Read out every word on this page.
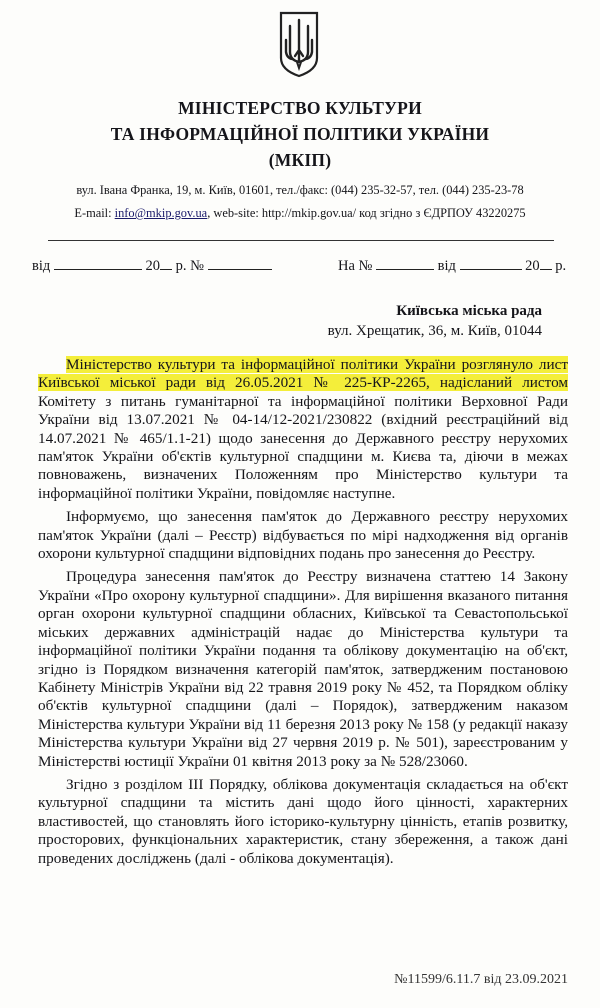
МІНІСТЕРСТВО КУЛЬТУРИ
ТА ІНФОРМАЦІЙНОЇ ПОЛІТИКИ УКРАЇНИ
(МКІП)
вул. Івана Франка, 19, м. Київ, 01601, тел./факс: (044) 235-32-57, тел. (044) 235-23-78
E-mail: info@mkip.gov.ua, web-site: http://mkip.gov.ua/ код згідно з ЄДРПОУ 43220275
від	20 р. №	На №	від	20 р.
Київська міська рада
вул. Хрещатик, 36, м. Київ, 01044

Міністерство культури та інформаційної політики України розглянуло лист Київської міської ради від 26.05.2021 № 225-КР-2265, надісланий листом Комітету з питань гуманітарної та інформаційної політики Верховної Ради України від 13.07.2021 № 04-14/12-2021/230822 (вхідний реєстраційний від 14.07.2021 № 465/1.1-21) щодо занесення до Державного реєстру нерухомих пам'яток України об'єктів культурної спадщини м. Києва та, діючи в межах повноважень, визначених Положенням про Міністерство культури та інформаційної політики України, повідомляє наступне.

Інформуємо, що занесення пам'яток до Державного реєстру нерухомих пам'яток України (далі – Реєстр) відбувається по мірі надходження від органів охорони культурної спадщини відповідних подань про занесення до Реєстру.

Процедура занесення пам'яток до Реєстру визначена статтею 14 Закону України «Про охорону культурної спадщини». Для вирішення вказаного питання орган охорони культурної спадщини обласних, Київської та Севастопольської міських державних адміністрацій надає до Міністерства культури та інформаційної політики України подання та облікову документацію на об'єкт, згідно із Порядком визначення категорій пам'яток, затвердженим постановою Кабінету Міністрів України від 22 травня 2019 року № 452, та Порядком обліку об'єктів культурної спадщини (далі – Порядок), затвердженим наказом Міністерства культури України від 11 березня 2013 року № 158 (у редакції наказу Міністерства культури України від 27 червня 2019 р. № 501), зареєстрованим у Міністерстві юстиції України 01 квітня 2013 року за № 528/23060.

Згідно з розділом III Порядку, облікова документація складається на об'єкт культурної спадщини та містить дані щодо його цінності, характерних властивостей, що становлять його історико-культурну цінність, етапів розвитку, просторових, функціональних характеристик, стану збереження, а також дані проведених досліджень (далі - облікова документація).

№11599/6.11.7 від 23.09.2021
